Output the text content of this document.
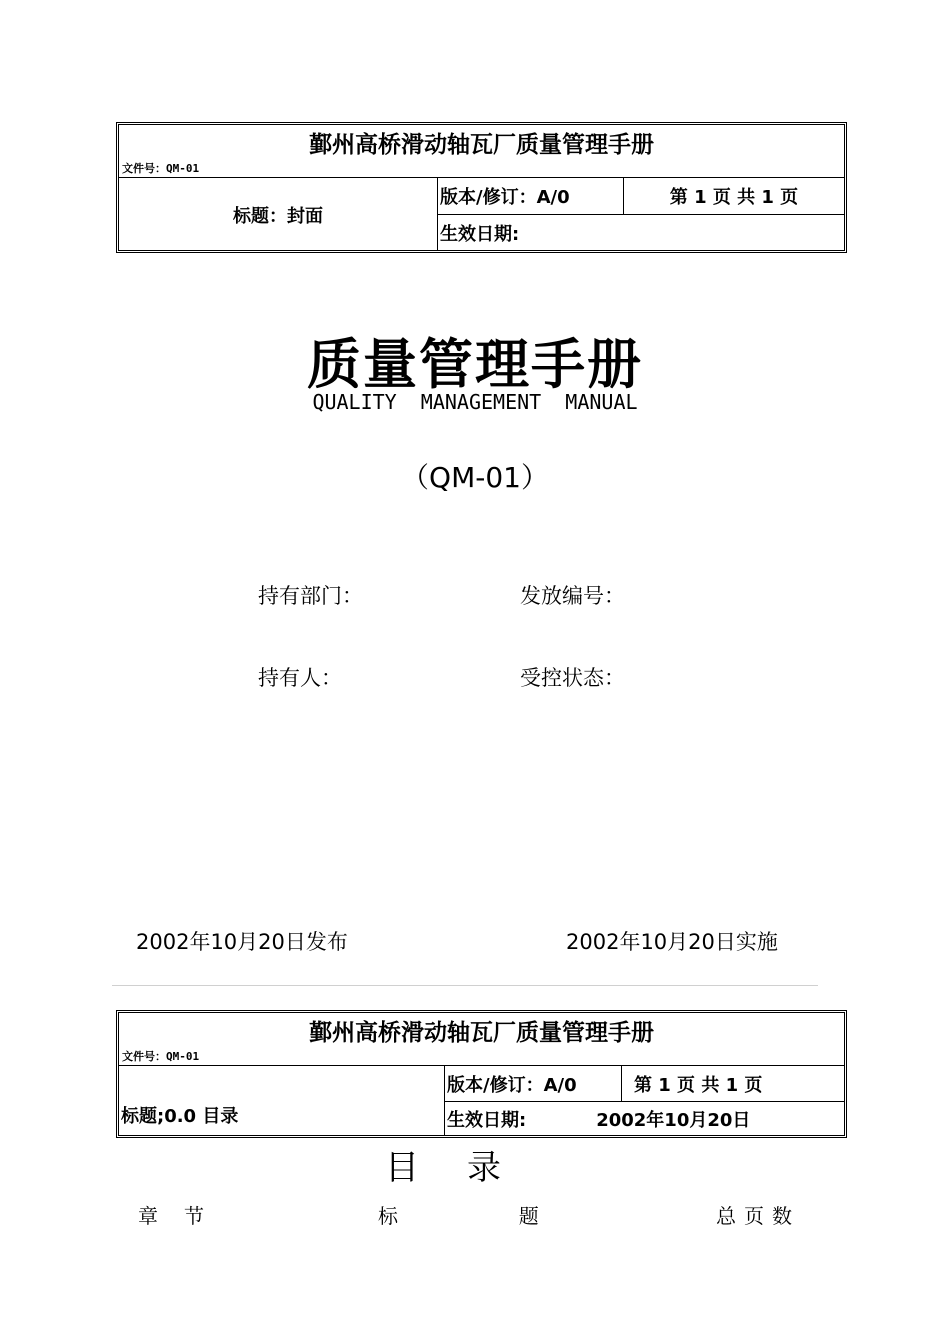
鄞州高桥滑动轴瓦厂质量管理手册
文件号：QM-01
标题：封面
版本/修订：A/0	第 1 页 共 1 页
生效日期:
质量管理手册
QUALITY  MANAGEMENT  MANUAL
（QM-01）
持有部门：	发放编号：
持有人：	受控状态：
2002年10月20日发布	2002年10月20日实施
鄞州高桥滑动轴瓦厂质量管理手册
文件号：QM-01
标题;0.0 目录
版本/修订：A/0	第 1 页 共 1 页
生效日期:	2002年10月20日
目录
章节	标  题	总页数
